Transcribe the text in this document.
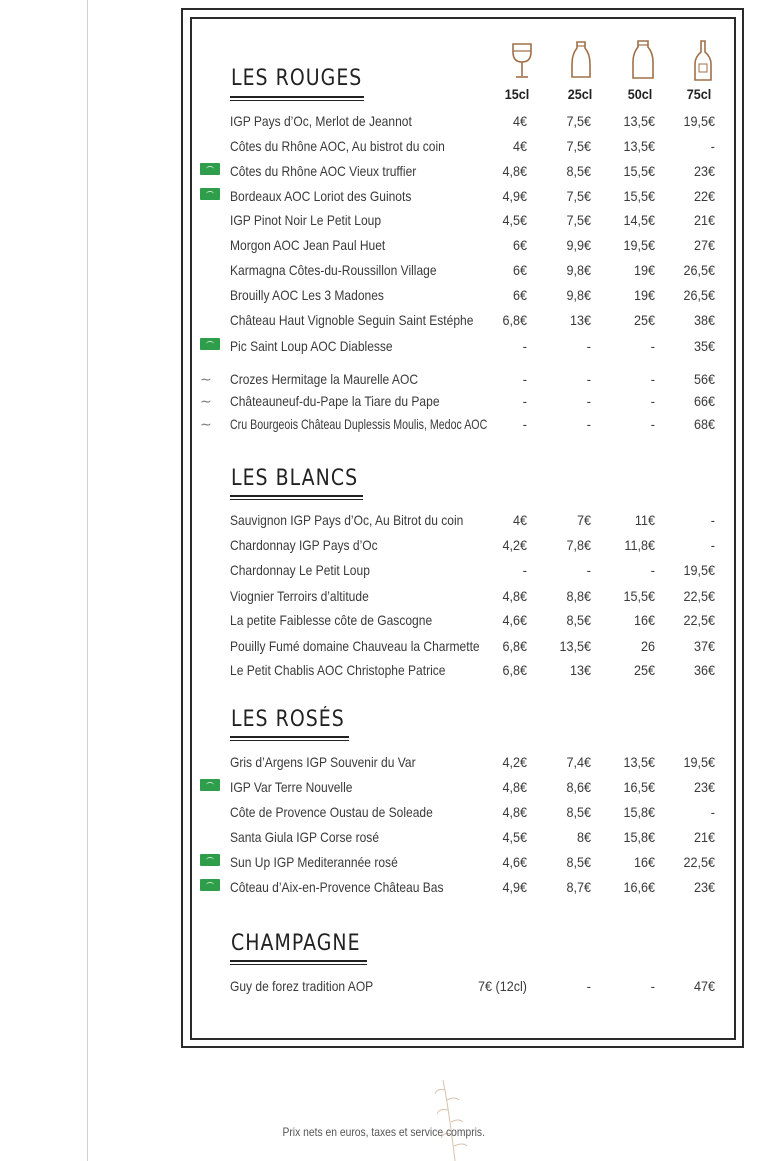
15cl	25cl	50cl	75cl
LES ROUGES
LES BLANCS
LES ROSÉS
CHAMPAGNE
IGP Pays d’Oc, Merlot de Jeannot	4€	7,5€	13,5€	19,5€
Côtes du Rhône AOC, Au bistrot du coin	4€	7,5€	13,5€	-
Côtes du Rhône AOC Vieux truffier	4,8€	8,5€	15,5€	23€
Bordeaux AOC Loriot des Guinots	4,9€	7,5€	15,5€	22€
IGP Pinot Noir Le Petit Loup	4,5€	7,5€	14,5€	21€
Morgon AOC Jean Paul Huet	6€	9,9€	19,5€	27€
Karmagna Côtes-du-Roussillon Village	6€	9,8€	19€	26,5€
Brouilly AOC Les 3 Madones	6€	9,8€	19€	26,5€
Château Haut Vignoble Seguin Saint Estéphe	6,8€	13€	25€	38€
Pic Saint Loup AOC Diablesse	-	-	-	35€
∼ Crozes Hermitage la Maurelle AOC	-	-	-	56€
∼ Châteauneuf-du-Pape la Tiare du Pape	-	-	-	66€
∼ Cru Bourgeois Château Duplessis Moulis, Medoc AOC	-	-	-	68€
Sauvignon IGP Pays d’Oc, Au Bitrot du coin	4€	7€	11€	-
Chardonnay IGP Pays d’Oc	4,2€	7,8€	11,8€	-
Chardonnay Le Petit Loup	-	-	-	19,5€
Viognier Terroirs d’altitude	4,8€	8,8€	15,5€	22,5€
La petite Faiblesse côte de Gascogne	4,6€	8,5€	16€	22,5€
Pouilly Fumé domaine Chauveau la Charmette	6,8€	13,5€	26	37€
Le Petit Chablis AOC Christophe Patrice	6,8€	13€	25€	36€
Gris d’Argens IGP Souvenir du Var	4,2€	7,4€	13,5€	19,5€
IGP Var Terre Nouvelle	4,8€	8,6€	16,5€	23€
Côte de Provence Oustau de Soleade	4,8€	8,5€	15,8€	-
Santa Giula IGP Corse rosé	4,5€	8€	15,8€	21€
Sun Up IGP Mediterannée rosé	4,6€	8,5€	16€	22,5€
Côteau d’Aix-en-Provence Château Bas	4,9€	8,7€	16,6€	23€
Guy de forez tradition AOP	7€ (12cl)	-	-	47€
Prix nets en euros, taxes et service compris.
